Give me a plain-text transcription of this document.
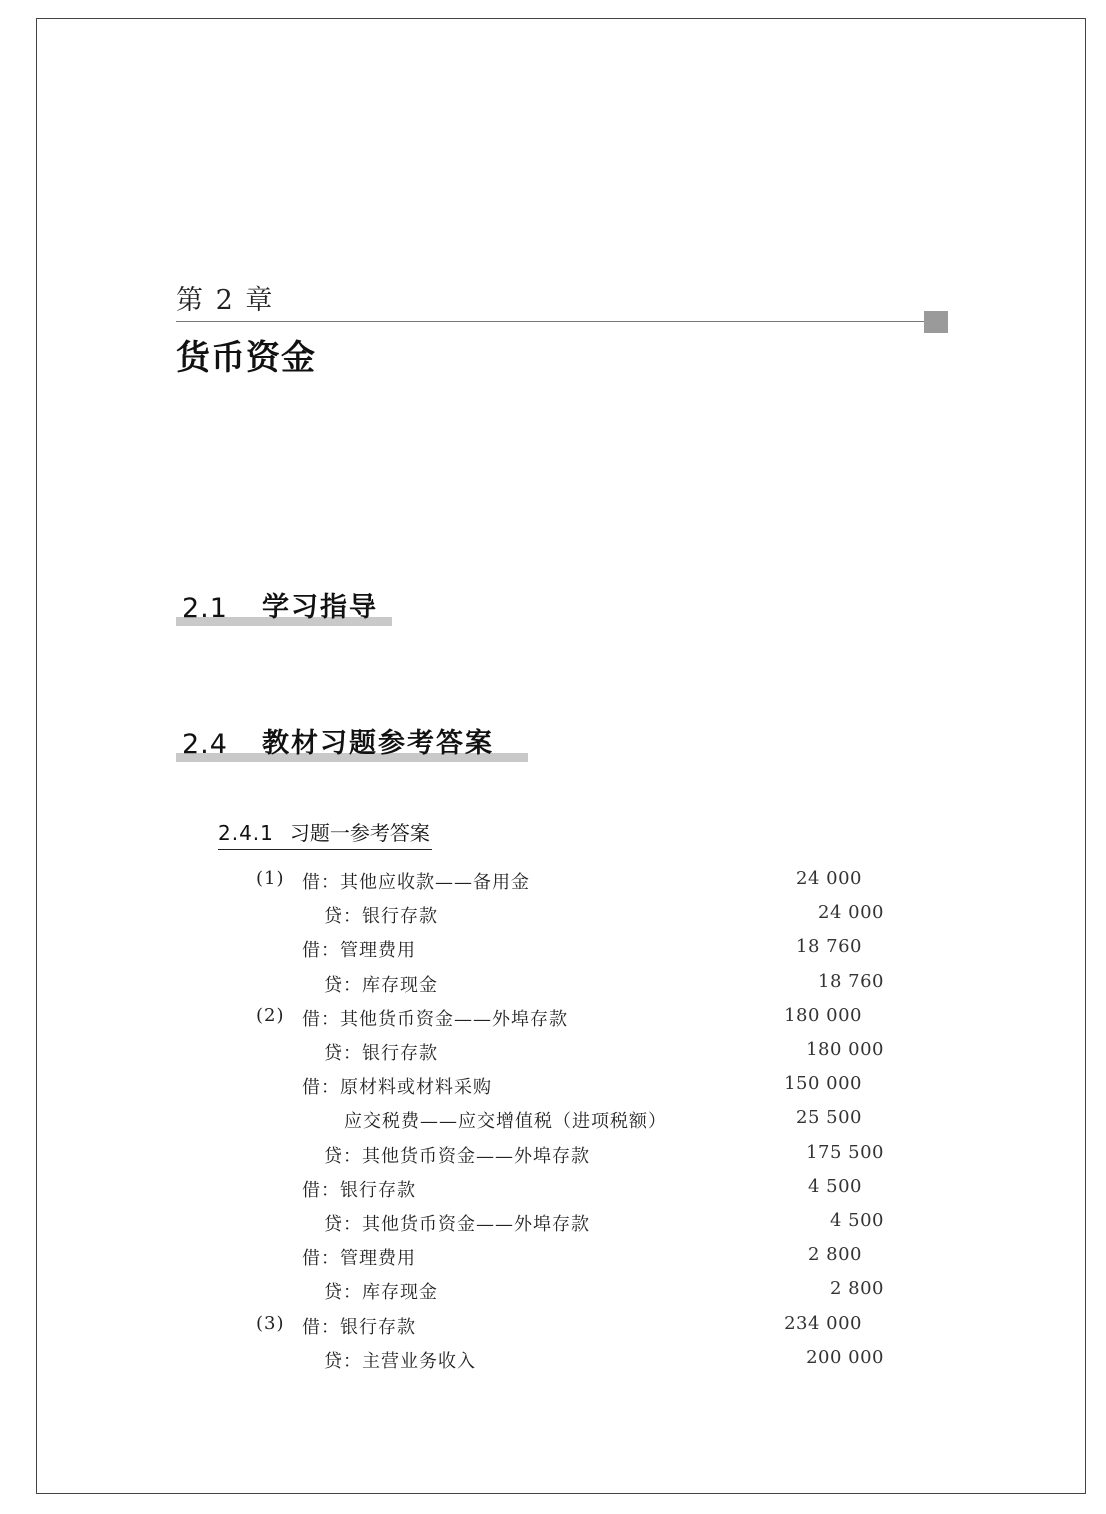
第 2 章
货币资金
2.1 学习指导
2.4 教材习题参考答案
2.4.1 习题一参考答案
(1) 借：其他应收款——备用金	24 000
贷：银行存款	24 000
借：管理费用	18 760
贷：库存现金	18 760
(2) 借：其他货币资金——外埠存款	180 000
贷：银行存款	180 000
借：原材料或材料采购	150 000
应交税费——应交增值税（进项税额）	25 500
贷：其他货币资金——外埠存款	175 500
借：银行存款	4 500
贷：其他货币资金——外埠存款	4 500
借：管理费用	2 800
贷：库存现金	2 800
(3) 借：银行存款	234 000
贷：主营业务收入	200 000
